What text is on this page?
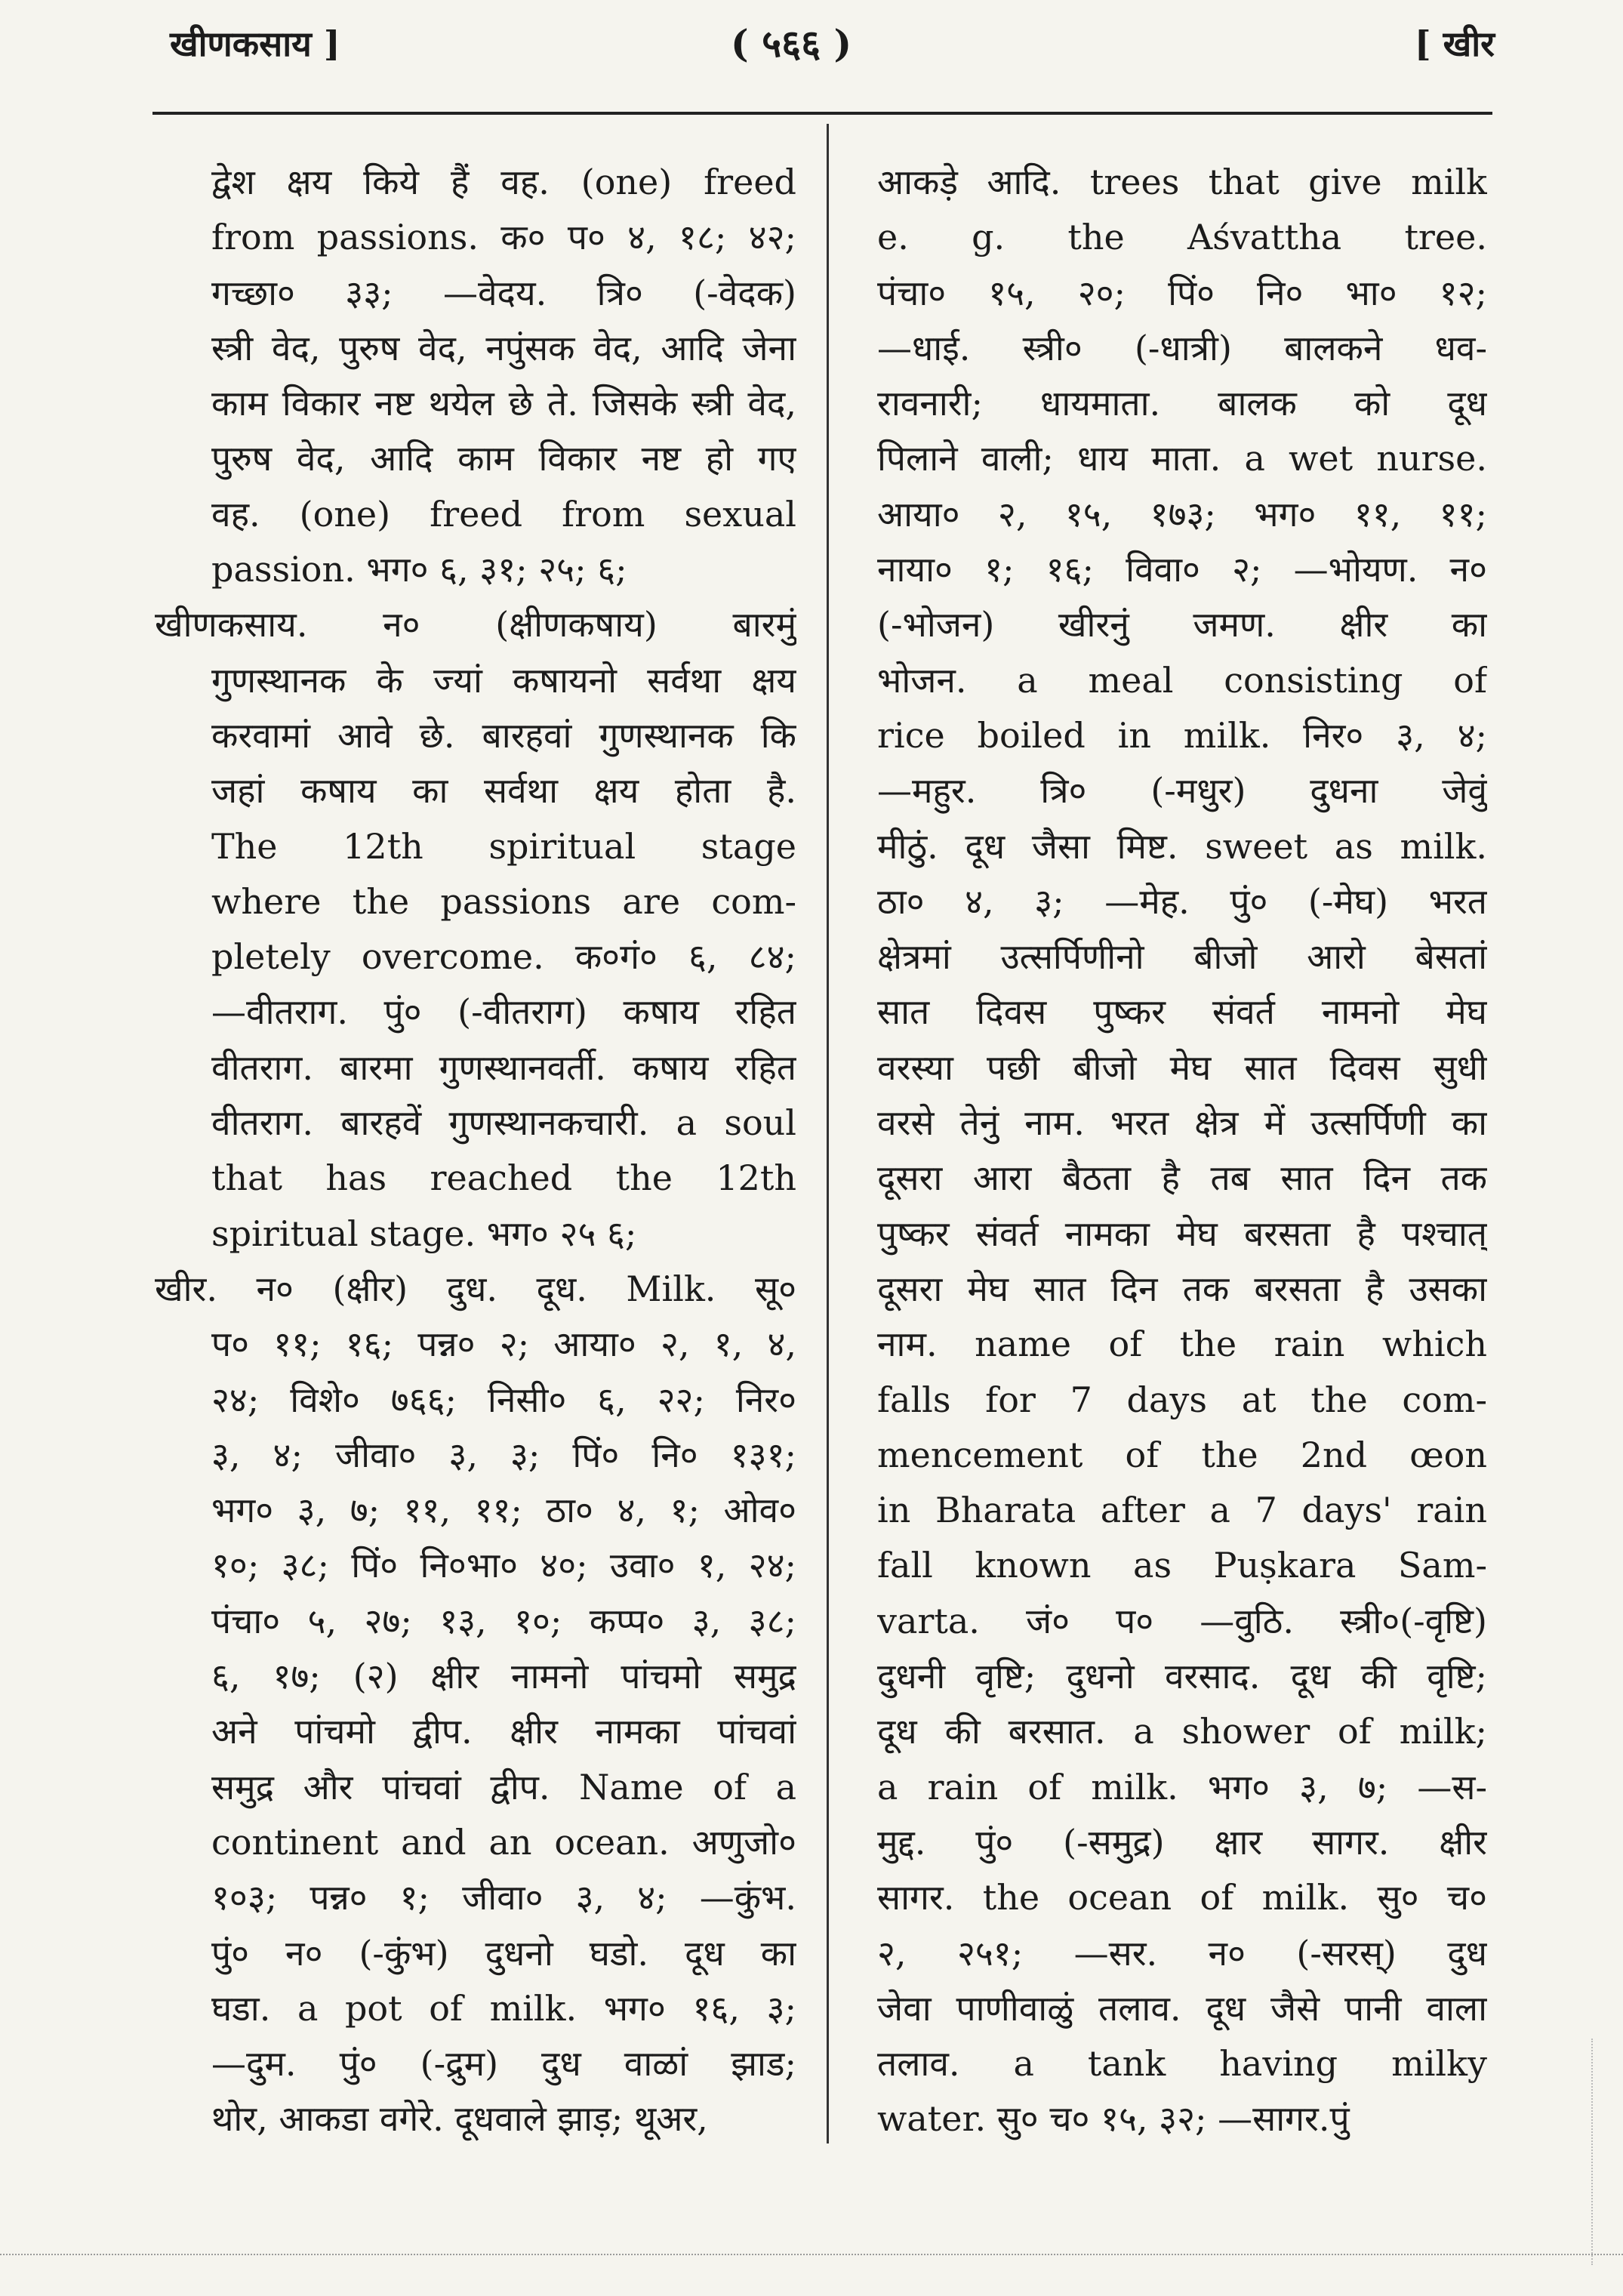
खीणकसाय ]	( ५६६ )	[ खीर
द्वेश क्षय किये हैं वह. (one) freed
from passions. क० प० ४, १८; ४२;
गच्छा० ३३; —वेदय. त्रि० (-वेदक)
स्त्री वेद, पुरुष वेद, नपुंसक वेद, आदि जेना
काम विकार नष्ट थयेल छे ते. जिसके स्त्री वेद,
पुरुष वेद, आदि काम विकार नष्ट हो गए
वह. (one) freed from sexual
passion. भग० ६, ३१; २५; ६;
खीणकसाय. न० (क्षीणकषाय) बारमुं
गुणस्थानक के ज्यां कषायनो सर्वथा क्षय
करवामां आवे छे. बारहवां गुणस्थानक कि
जहां कषाय का सर्वथा क्षय होता है.
The 12th spiritual stage
where the passions are com-
pletely overcome. क०गं० ६, ८४;
—वीतराग. पुं० (-वीतराग) कषाय रहित
वीतराग. बारमा गुणस्थानवर्ती. कषाय रहित
वीतराग. बारहवें गुणस्थानकचारी. a soul
that has reached the 12th
spiritual stage. भग० २५ ६;
खीर. न० (क्षीर) दुध. दूध. Milk. सू०
प० ११; १६; पन्न० २; आया० २, १, ४,
२४; विशे० ७६६; निसी० ६, २२; निर०
३, ४; जीवा० ३, ३; पिं० नि० १३१;
भग० ३, ७; ११, ११; ठा० ४, १; ओव०
१०; ३८; पिं० नि०भा० ४०; उवा० १, २४;
पंचा० ५, २७; १३, १०; कप्प० ३, ३८;
६, १७; (२) क्षीर नामनो पांचमो समुद्र
अने पांचमो द्वीप. क्षीर नामका पांचवां
समुद्र और पांचवां द्वीप. Name of a
continent and an ocean. अणुजो०
१०३; पन्न० १; जीवा० ३, ४; —कुंभ.
पुं० न० (-कुंभ) दुधनो घडो. दूध का
घडा. a pot of milk. भग० १६, ३;
—दुम. पुं० (-द्रुम) दुध वाळां झाड;
थोर, आकडा वगेरे. दूधवाले झाड़; थूअर,
आकड़े आदि. trees that give milk
e. g. the Aśvattha tree.
पंचा० १५, २०; पिं० नि० भा० १२;
—धाई. स्त्री० (-धात्री) बालकने धव-
रावनारी; धायमाता. बालक को दूध
पिलाने वाली; धाय माता. a wet nurse.
आया० २, १५, १७३; भग० ११, ११;
नाया० १; १६; विवा० २; —भोयण. न०
(-भोजन) खीरनुं जमण. क्षीर का
भोजन. a meal consisting of
rice boiled in milk. निर० ३, ४;
—महुर. त्रि० (-मधुर) दुधना जेवुं
मीठुं. दूध जैसा मिष्ट. sweet as milk.
ठा० ४, ३; —मेह. पुं० (-मेघ) भरत
क्षेत्रमां उत्सर्पिणीनो बीजो आरो बेसतां
सात दिवस पुष्कर संवर्त नामनो मेघ
वरस्या पछी बीजो मेघ सात दिवस सुधी
वरसे तेनुं नाम. भरत क्षेत्र में उत्सर्पिणी का
दूसरा आरा बैठता है तब सात दिन तक
पुष्कर संवर्त नामका मेघ बरसता है पश्चात्
दूसरा मेघ सात दिन तक बरसता है उसका
नाम. name of the rain which
falls for 7 days at the com-
mencement of the 2nd œon
in Bharata after a 7 days' rain
fall known as Puṣkara Sam-
varta. जं० प० —वुठि. स्त्री०(-वृष्टि)
दुधनी वृष्टि; दुधनो वरसाद. दूध की वृष्टि;
दूध की बरसात. a shower of milk;
a rain of milk. भग० ३, ७; —स-
मुद्द. पुं० (-समुद्र) क्षार सागर. क्षीर
सागर. the ocean of milk. सु० च०
२, २५१; —सर. न० (-सरस्) दुध
जेवा पाणीवाळुं तलाव. दूध जैसे पानी वाला
तलाव. a tank having milky
water. सु० च० १५, ३२; —सागर.पुं
